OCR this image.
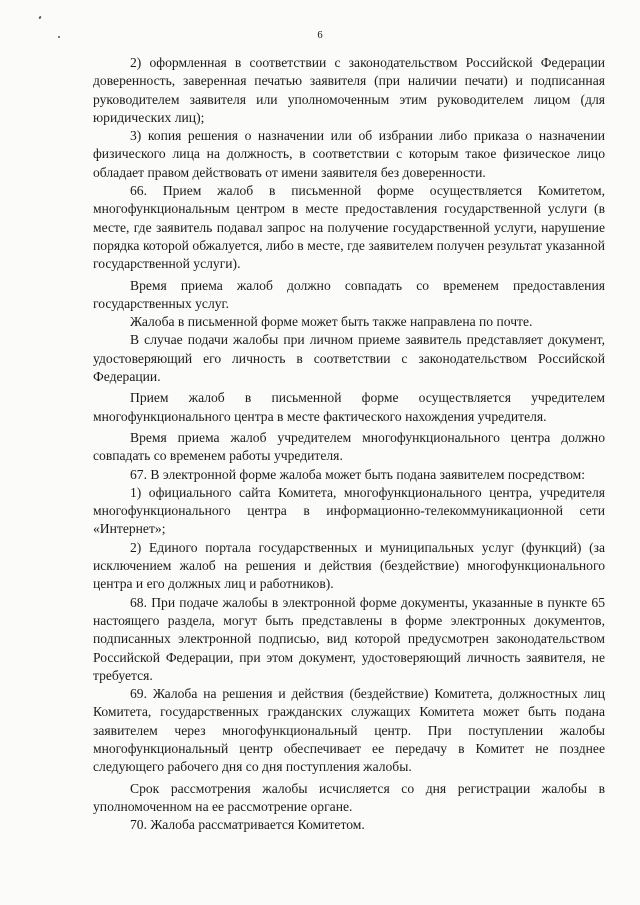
6

2) оформленная в соответствии с законодательством Российской Федерации доверенность, заверенная печатью заявителя (при наличии печати) и подписанная руководителем заявителя или уполномоченным этим руководителем лицом (для юридических лиц);

3) копия решения о назначении или об избрании либо приказа о назначении физического лица на должность, в соответствии с которым такое физическое лицо обладает правом действовать от имени заявителя без доверенности.

66. Прием жалоб в письменной форме осуществляется Комитетом, многофункциональным центром в месте предоставления государственной услуги (в месте, где заявитель подавал запрос на получение государственной услуги, нарушение порядка которой обжалуется, либо в месте, где заявителем получен результат указанной государственной услуги).

Время приема жалоб должно совпадать со временем предоставления государственных услуг.

Жалоба в письменной форме может быть также направлена по почте.

В случае подачи жалобы при личном приеме заявитель представляет документ, удостоверяющий его личность в соответствии с законодательством Российской Федерации.

Прием жалоб в письменной форме осуществляется учредителем многофункционального центра в месте фактического нахождения учредителя.

Время приема жалоб учредителем многофункционального центра должно совпадать со временем работы учредителя.

67. В электронной форме жалоба может быть подана заявителем посредством:

1) официального сайта Комитета, многофункционального центра, учредителя многофункционального центра в информационно-телекоммуникационной сети «Интернет»;

2) Единого портала государственных и муниципальных услуг (функций) (за исключением жалоб на решения и действия (бездействие) многофункционального центра и его должных лиц и работников).

68. При подаче жалобы в электронной форме документы, указанные в пункте 65 настоящего раздела, могут быть представлены в форме электронных документов, подписанных электронной подписью, вид которой предусмотрен законодательством Российской Федерации, при этом документ, удостоверяющий личность заявителя, не требуется.

69. Жалоба на решения и действия (бездействие) Комитета, должностных лиц Комитета, государственных гражданских служащих Комитета может быть подана заявителем через многофункциональный центр. При поступлении жалобы многофункциональный центр обеспечивает ее передачу в Комитет не позднее следующего рабочего дня со дня поступления жалобы.

Срок рассмотрения жалобы исчисляется со дня регистрации жалобы в уполномоченном на ее рассмотрение органе.

70. Жалоба рассматривается Комитетом.
